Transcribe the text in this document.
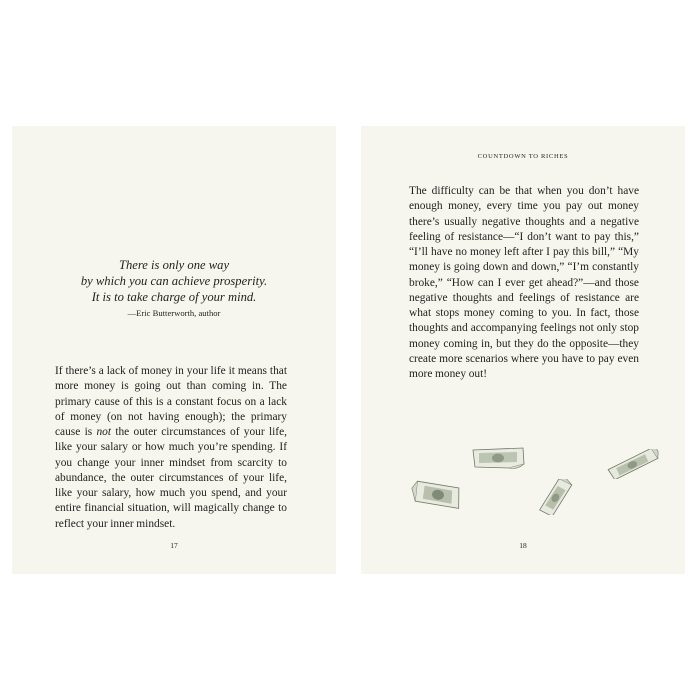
There is only one way
by which you can achieve prosperity.
It is to take charge of your mind.
—Eric Butterworth, author
If there’s a lack of money in your life it means that more money is going out than coming in. The primary cause of this is a constant focus on a lack of money (on not having enough); the primary cause is not the outer circumstances of your life, like your salary or how much you’re spending. If you change your inner mindset from scarcity to abundance, the outer circumstances of your life, like your salary, how much you spend, and your entire financial situation, will magically change to reflect your inner mindset.
17
COUNTDOWN TO RICHES
The difficulty can be that when you don’t have enough money, every time you pay out money there’s usually negative thoughts and a negative feeling of resistance—“I don’t want to pay this,” “I’ll have no money left after I pay this bill,” “My money is going down and down,” “I’m constantly broke,” “How can I ever get ahead?”—and those negative thoughts and feelings of resistance are what stops money coming to you. In fact, those thoughts and accompanying feelings not only stop money coming in, but they do the opposite—they create more scenarios where you have to pay even more money out!
18
